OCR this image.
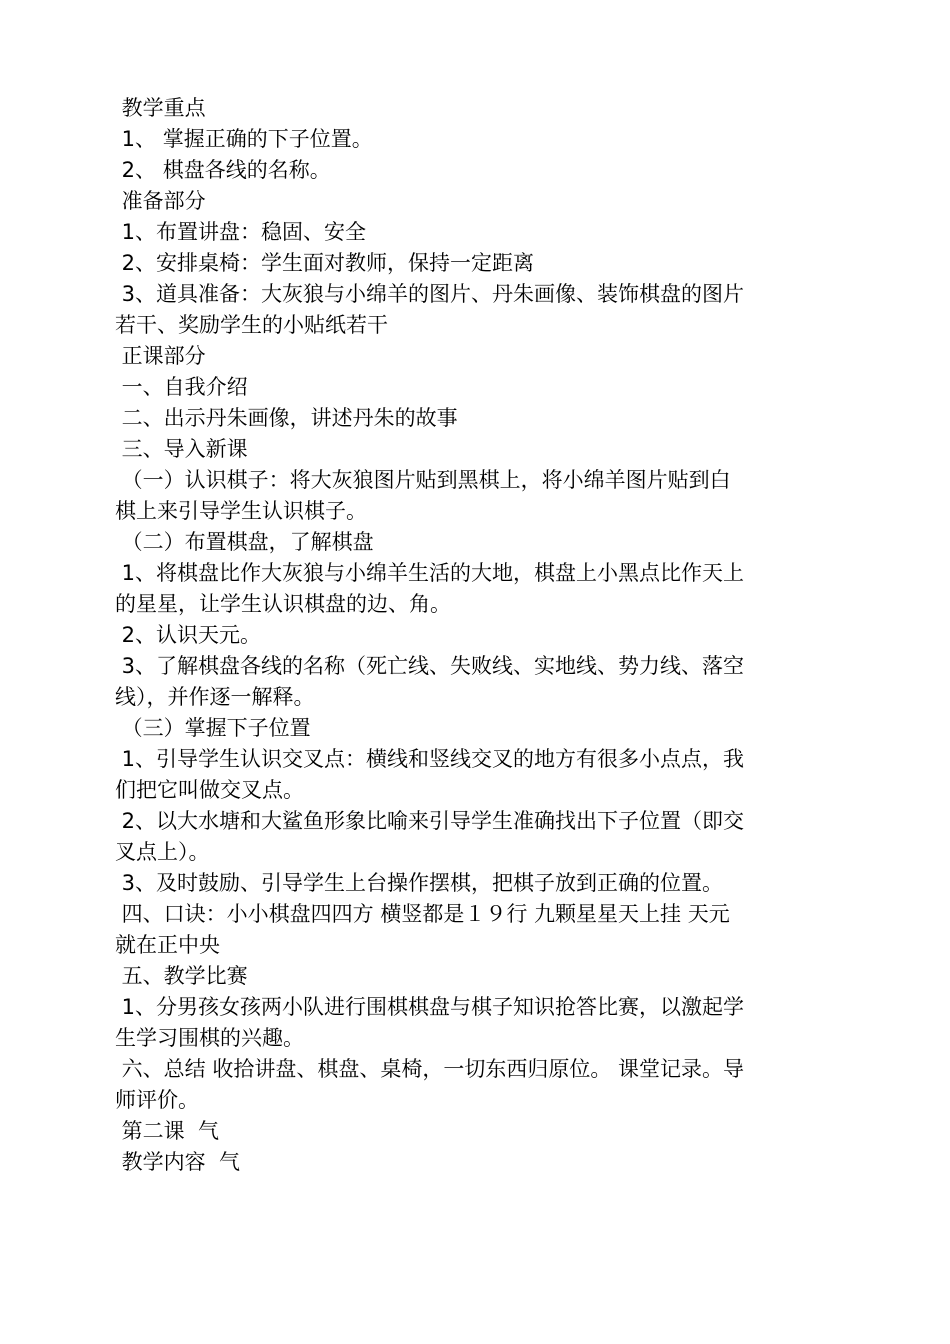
教学重点
1、 掌握正确的下子位置。
2、 棋盘各线的名称。
准备部分
1、布置讲盘：稳固、安全
2、安排桌椅：学生面对教师，保持一定距离
3、道具准备：大灰狼与小绵羊的图片、丹朱画像、装饰棋盘的图片
若干、奖励学生的小贴纸若干
正课部分
一、自我介绍
二、出示丹朱画像，讲述丹朱的故事
三、导入新课
（一）认识棋子：将大灰狼图片贴到黑棋上，将小绵羊图片贴到白
棋上来引导学生认识棋子。
（二）布置棋盘，了解棋盘
1、将棋盘比作大灰狼与小绵羊生活的大地，棋盘上小黑点比作天上
的星星，让学生认识棋盘的边、角。
2、认识天元。
3、了解棋盘各线的名称（死亡线、失败线、实地线、势力线、落空
线），并作逐一解释。
（三）掌握下子位置
1、引导学生认识交叉点：横线和竖线交叉的地方有很多小点点，我
们把它叫做交叉点。
2、以大水塘和大鲨鱼形象比喻来引导学生准确找出下子位置（即交
叉点上）。
3、及时鼓励、引导学生上台操作摆棋，把棋子放到正确的位置。
四、口诀：小小棋盘四四方 横竖都是１９行 九颗星星天上挂 天元
就在正中央
五、教学比赛
1、分男孩女孩两小队进行围棋棋盘与棋子知识抢答比赛，以激起学
生学习围棋的兴趣。
六、总结 收拾讲盘、棋盘、桌椅，一切东西归原位。 课堂记录。导
师评价。
第二课  气
教学内容  气
